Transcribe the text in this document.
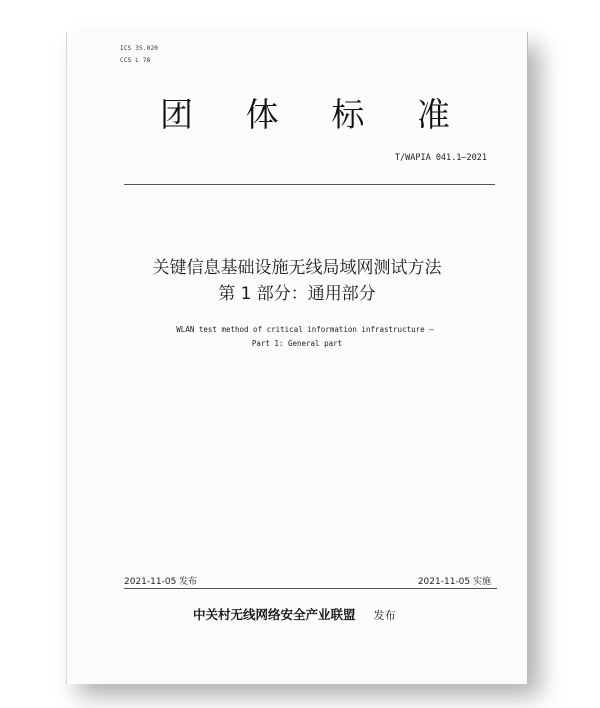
ICS 35.020
CCS L 78
团 体 标 准
T/WAPIA 041.1—2021
关键信息基础设施无线局域网测试方法
第 1 部分：通用部分
WLAN test method of critical information infrastructure —
Part 1: General part
2021-11-05 发布	2021-11-05 实施
中关村无线网络安全产业联盟 发布
